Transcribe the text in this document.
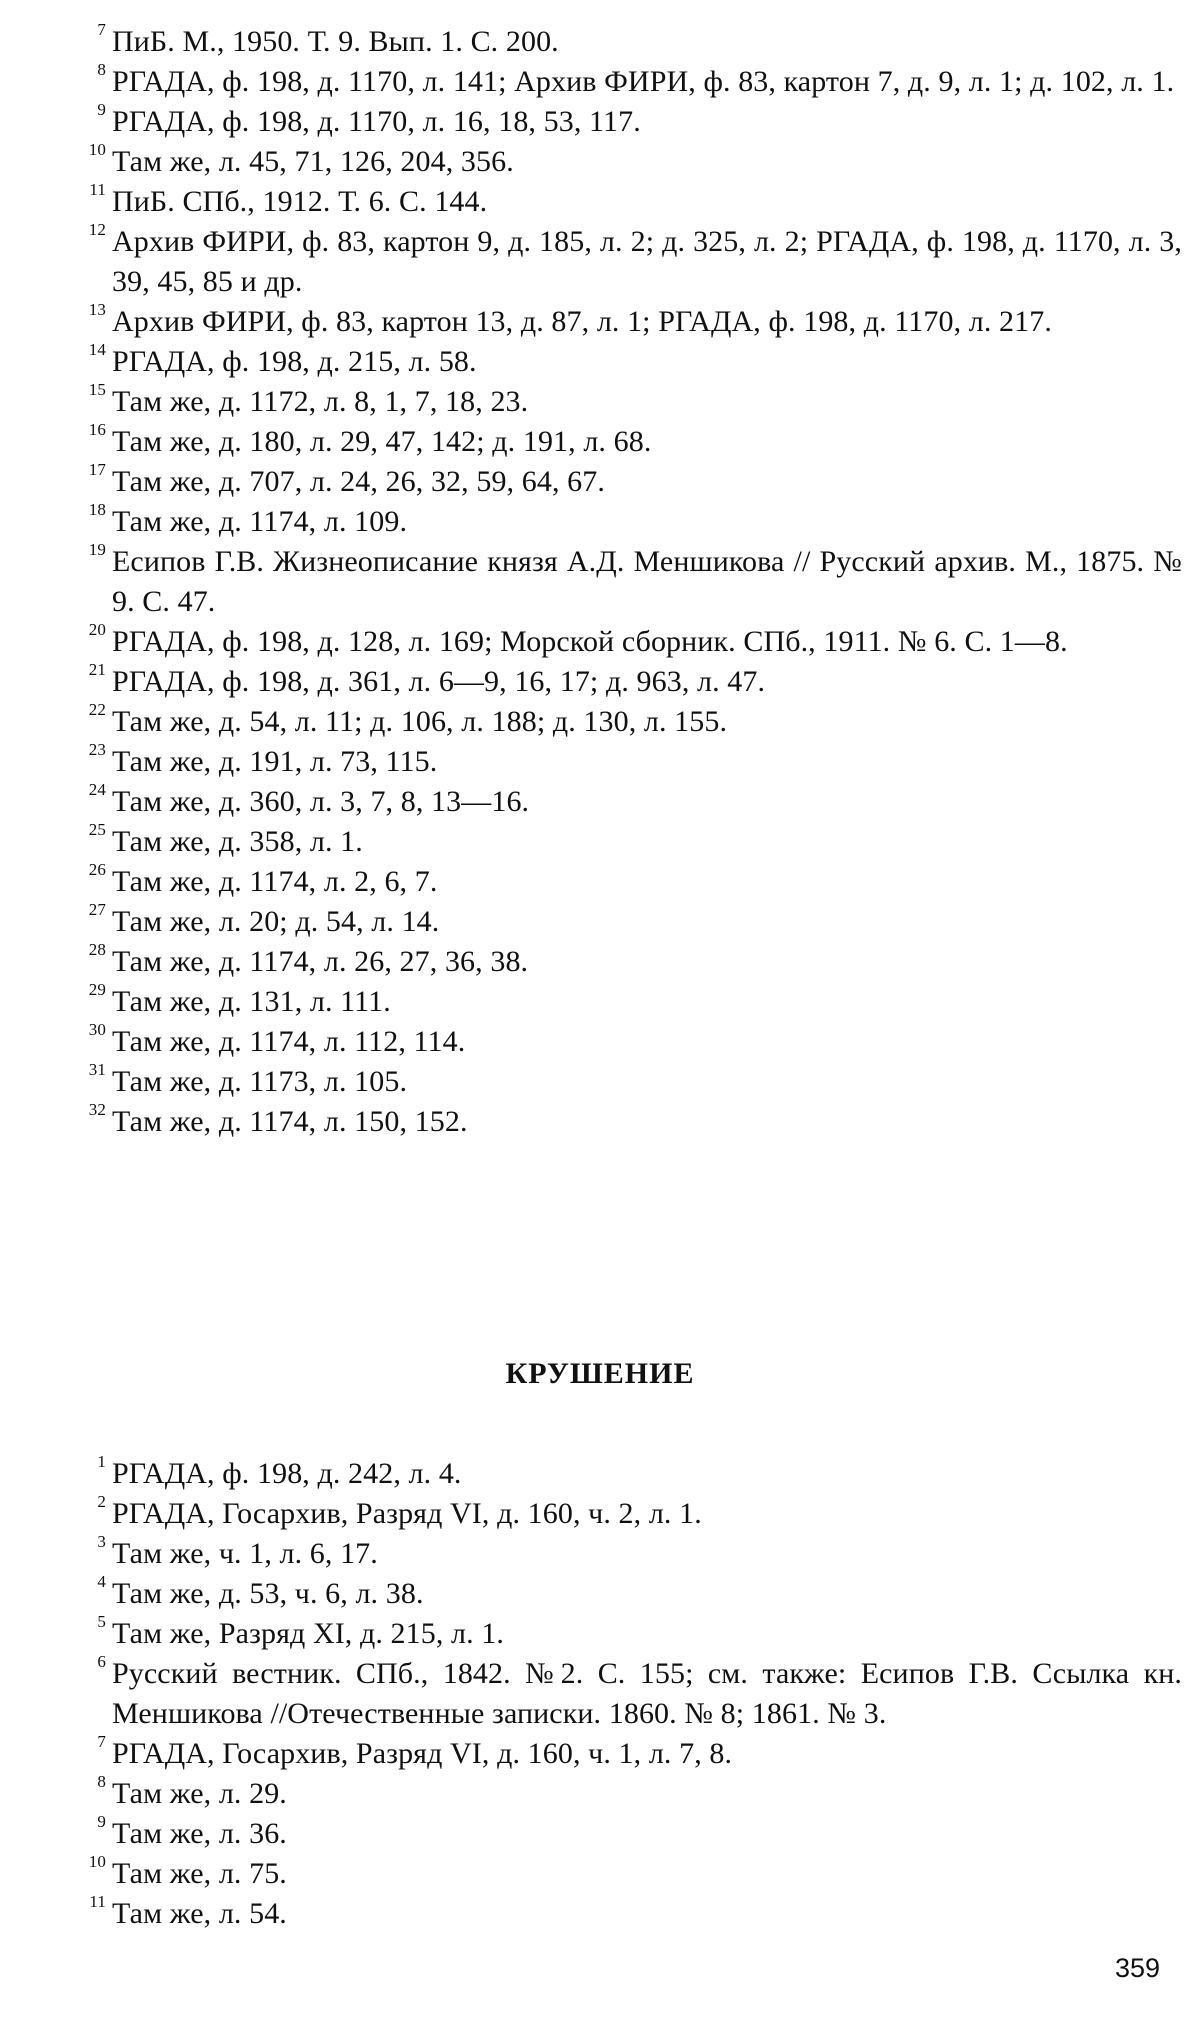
7 ПиБ. М., 1950. Т. 9. Вып. 1. С. 200.
8 РГАДА, ф. 198, д. 1170, л. 141; Архив ФИРИ, ф. 83, картон 7, д. 9, л. 1; д. 102, л. 1.
9 РГАДА, ф. 198, д. 1170, л. 16, 18, 53, 117.
10 Там же, л. 45, 71, 126, 204, 356.
11 ПиБ. СПб., 1912. Т. 6. С. 144.
12 Архив ФИРИ, ф. 83, картон 9, д. 185, л. 2; д. 325, л. 2; РГАДА, ф. 198, д. 1170, л. 3, 39, 45, 85 и др.
13 Архив ФИРИ, ф. 83, картон 13, д. 87, л. 1; РГАДА, ф. 198, д. 1170, л. 217.
14 РГАДА, ф. 198, д. 215, л. 58.
15 Там же, д. 1172, л. 8, 1, 7, 18, 23.
16 Там же, д. 180, л. 29, 47, 142; д. 191, л. 68.
17 Там же, д. 707, л. 24, 26, 32, 59, 64, 67.
18 Там же, д. 1174, л. 109.
19 Есипов Г.В. Жизнеописание князя А.Д. Меншикова // Русский архив. М., 1875. № 9. С. 47.
20 РГАДА, ф. 198, д. 128, л. 169; Морской сборник. СПб., 1911. № 6. С. 1—8.
21 РГАДА, ф. 198, д. 361, л. 6—9, 16, 17; д. 963, л. 47.
22 Там же, д. 54, л. 11; д. 106, л. 188; д. 130, л. 155.
23 Там же, д. 191, л. 73, 115.
24 Там же, д. 360, л. 3, 7, 8, 13—16.
25 Там же, д. 358, л. 1.
26 Там же, д. 1174, л. 2, 6, 7.
27 Там же, л. 20; д. 54, л. 14.
28 Там же, д. 1174, л. 26, 27, 36, 38.
29 Там же, д. 131, л. 111.
30 Там же, д. 1174, л. 112, 114.
31 Там же, д. 1173, л. 105.
32 Там же, д. 1174, л. 150, 152.
КРУШЕНИЕ
1 РГАДА, ф. 198, д. 242, л. 4.
2 РГАДА, Госархив, Разряд VI, д. 160, ч. 2, л. 1.
3 Там же, ч. 1, л. 6, 17.
4 Там же, д. 53, ч. 6, л. 38.
5 Там же, Разряд XI, д. 215, л. 1.
6 Русский вестник. СПб., 1842. №2. С. 155; см. также: Есипов Г.В. Ссылка кн. Меншикова //Отечественные записки. 1860. № 8; 1861. № 3.
7 РГАДА, Госархив, Разряд VI, д. 160, ч. 1, л. 7, 8.
8 Там же, л. 29.
9 Там же, л. 36.
10 Там же, л. 75.
11 Там же, л. 54.
359
